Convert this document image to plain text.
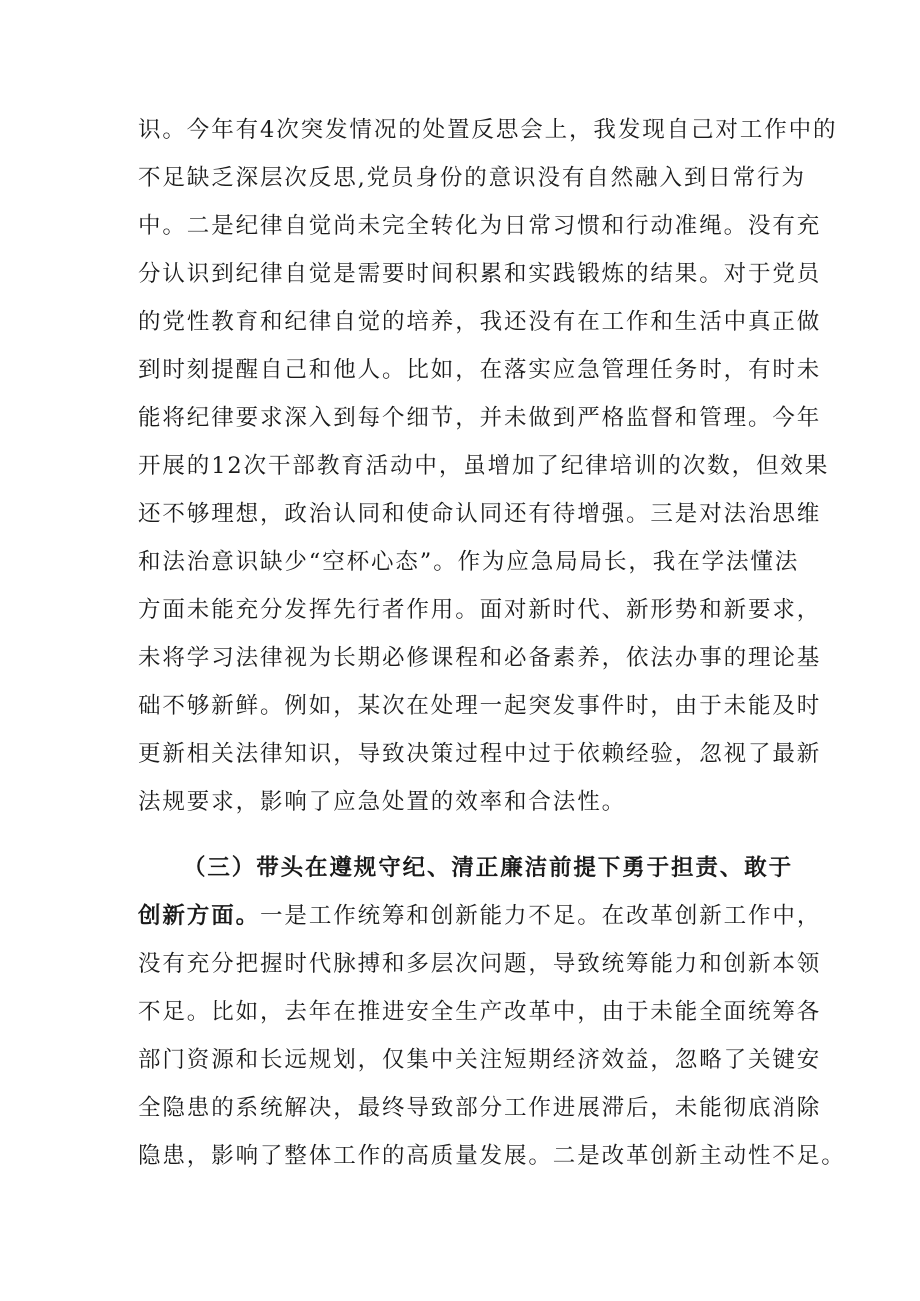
识。今年有4次突发情况的处置反思会上，我发现自己对工作中的
不足缺乏深层次反思,党员身份的意识没有自然融入到日常行为
中。二是纪律自觉尚未完全转化为日常习惯和行动准绳。没有充
分认识到纪律自觉是需要时间积累和实践锻炼的结果。对于党员
的党性教育和纪律自觉的培养，我还没有在工作和生活中真正做
到时刻提醒自己和他人。比如，在落实应急管理任务时，有时未
能将纪律要求深入到每个细节，并未做到严格监督和管理。今年
开展的12次干部教育活动中，虽增加了纪律培训的次数，但效果
还不够理想，政治认同和使命认同还有待增强。三是对法治思维
和法治意识缺少“空杯心态”。作为应急局局长，我在学法懂法
方面未能充分发挥先行者作用。面对新时代、新形势和新要求，
未将学习法律视为长期必修课程和必备素养，依法办事的理论基
础不够新鲜。例如，某次在处理一起突发事件时，由于未能及时
更新相关法律知识，导致决策过程中过于依赖经验，忽视了最新
法规要求，影响了应急处置的效率和合法性。
（三）带头在遵规守纪、清正廉洁前提下勇于担责、敢于
创新方面。一是工作统筹和创新能力不足。在改革创新工作中，
没有充分把握时代脉搏和多层次问题，导致统筹能力和创新本领
不足。比如，去年在推进安全生产改革中，由于未能全面统筹各
部门资源和长远规划，仅集中关注短期经济效益，忽略了关键安
全隐患的系统解决，最终导致部分工作进展滞后，未能彻底消除
隐患，影响了整体工作的高质量发展。二是改革创新主动性不足。
